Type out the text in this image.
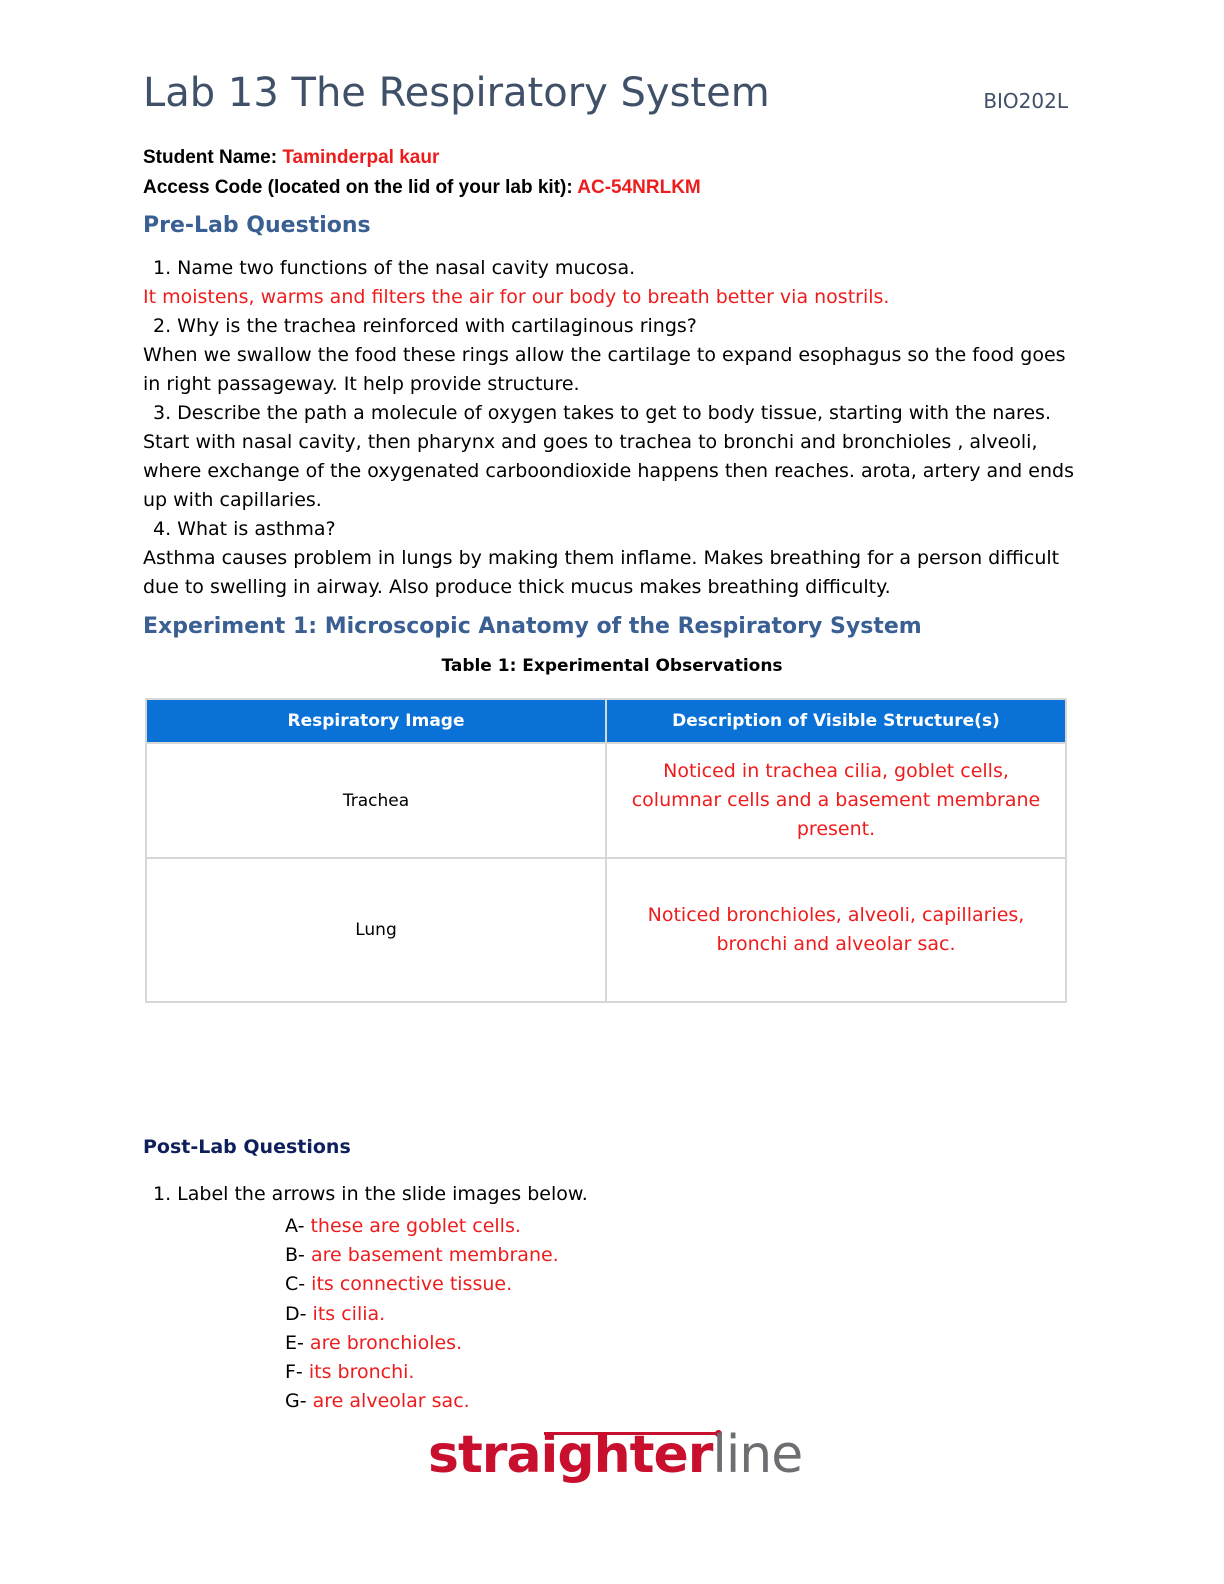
Lab 13 The Respiratory System	BIO202L
Student Name: Taminderpal kaur
Access Code (located on the lid of your lab kit): AC-54NRLKM
Pre-Lab Questions

1. Name two functions of the nasal cavity mucosa.

It moistens, warms and filters the air for our body to breath better via nostrils.

2. Why is the trachea reinforced with cartilaginous rings?

When we swallow the food these rings allow the cartilage to expand esophagus so the food goes in right passageway. It help provide structure.

3. Describe the path a molecule of oxygen takes to get to body tissue, starting with the nares.

Start with nasal cavity, then pharynx and goes to trachea to bronchi and bronchioles , alveoli, where exchange of the oxygenated carboondioxide happens then reaches. arota, artery and ends up with capillaries.

4. What is asthma?

Asthma causes problem in lungs by making them inflame. Makes breathing for a person difficult due to swelling in airway. Also produce thick mucus makes breathing difficulty.

Experiment 1: Microscopic Anatomy of the Respiratory System
Table 1: Experimental Observations
Respiratory Image	Description of Visible Structure(s)
Trachea	Noticed in trachea cilia, goblet cells, columnar cells and a basement membrane present.
Lung	Noticed bronchioles, alveoli, capillaries, bronchi and alveolar sac.
Post-Lab Questions
1. Label the arrows in the slide images below.
A- these are goblet cells.
B- are basement membrane.
C- its connective tissue.
D- its cilia.
E- are bronchioles.
F- its bronchi.
G- are alveolar sac.
straighterline
